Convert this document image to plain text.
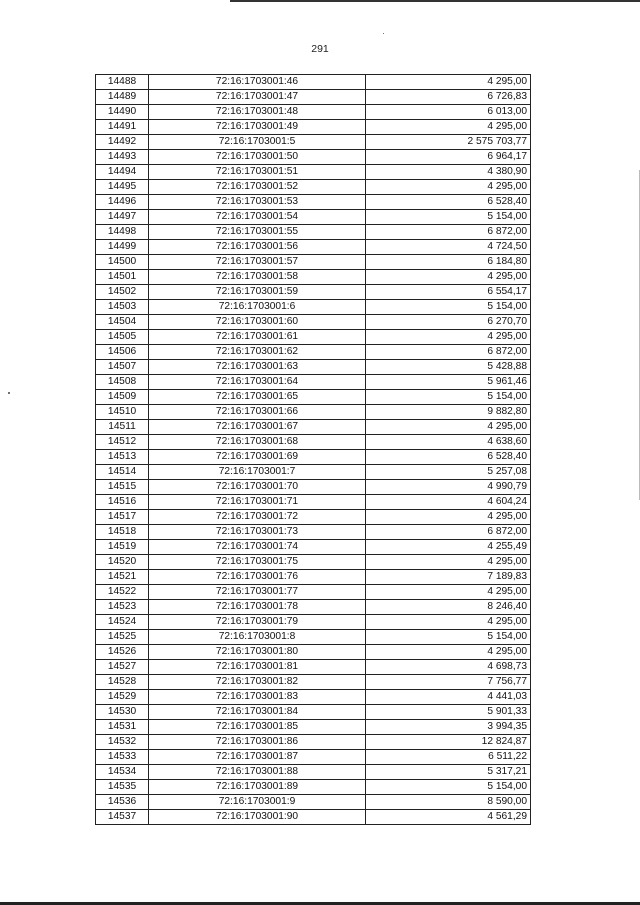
291
14488	72:16:1703001:46	4 295,00
14489	72:16:1703001:47	6 726,83
14490	72:16:1703001:48	6 013,00
14491	72:16:1703001:49	4 295,00
14492	72:16:1703001:5	2 575 703,77
14493	72:16:1703001:50	6 964,17
14494	72:16:1703001:51	4 380,90
14495	72:16:1703001:52	4 295,00
14496	72:16:1703001:53	6 528,40
14497	72:16:1703001:54	5 154,00
14498	72:16:1703001:55	6 872,00
14499	72:16:1703001:56	4 724,50
14500	72:16:1703001:57	6 184,80
14501	72:16:1703001:58	4 295,00
14502	72:16:1703001:59	6 554,17
14503	72:16:1703001:6	5 154,00
14504	72:16:1703001:60	6 270,70
14505	72:16:1703001:61	4 295,00
14506	72:16:1703001:62	6 872,00
14507	72:16:1703001:63	5 428,88
14508	72:16:1703001:64	5 961,46
14509	72:16:1703001:65	5 154,00
14510	72:16:1703001:66	9 882,80
14511	72:16:1703001:67	4 295,00
14512	72:16:1703001:68	4 638,60
14513	72:16:1703001:69	6 528,40
14514	72:16:1703001:7	5 257,08
14515	72:16:1703001:70	4 990,79
14516	72:16:1703001:71	4 604,24
14517	72:16:1703001:72	4 295,00
14518	72:16:1703001:73	6 872,00
14519	72:16:1703001:74	4 255,49
14520	72:16:1703001:75	4 295,00
14521	72:16:1703001:76	7 189,83
14522	72:16:1703001:77	4 295,00
14523	72:16:1703001:78	8 246,40
14524	72:16:1703001:79	4 295,00
14525	72:16:1703001:8	5 154,00
14526	72:16:1703001:80	4 295,00
14527	72:16:1703001:81	4 698,73
14528	72:16:1703001:82	7 756,77
14529	72:16:1703001:83	4 441,03
14530	72:16:1703001:84	5 901,33
14531	72:16:1703001:85	3 994,35
14532	72:16:1703001:86	12 824,87
14533	72:16:1703001:87	6 511,22
14534	72:16:1703001:88	5 317,21
14535	72:16:1703001:89	5 154,00
14536	72:16:1703001:9	8 590,00
14537	72:16:1703001:90	4 561,29
